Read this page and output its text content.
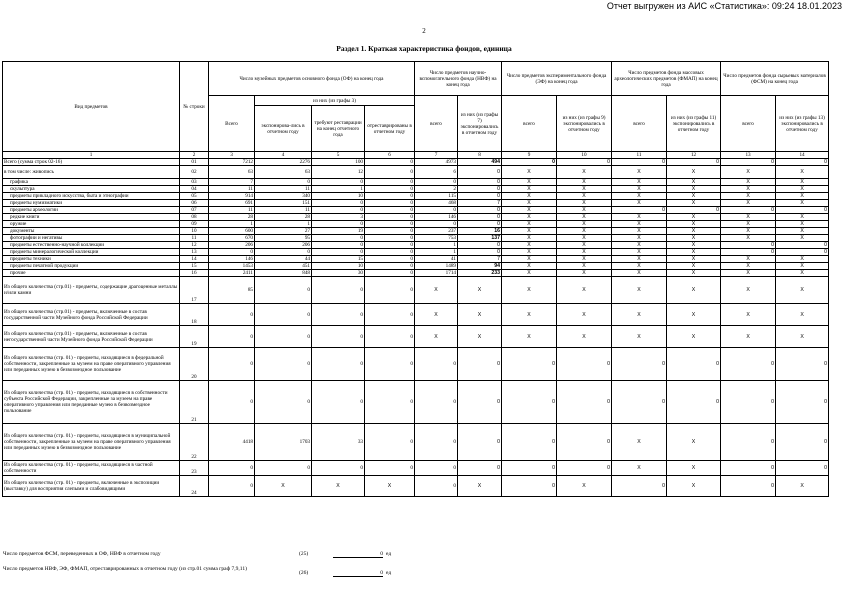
Отчет выгружен из АИС «Статистика»: 09:24 18.01.2023
2
Раздел 1. Краткая характеристика фондов, единица
Вид предметов	№ строки	Число музейных предметов основного фонда (ОФ) на конец года				Число предметов научно-вспомогательного фонда (НВФ) на конец года		Число предметов экспериментального фонда (ЭФ) на конец года		Число предметов фонда массовых археологических предметов (ФМАП) на конец года		Число предметов фонда сырьевых материалов (ФСМ) на конец года	
		Всего	из них (из графы 3)			всего	из них (из графы 7) экспонировались в отчетном году	всего	из них (из графы 9) экспонировались в отчетном году	всего	из них (из графы 11) экспонировались в отчетном году	всего	из них (из графы 13) экспонировались в отчетном году
			экспонирова-лись в отчетном году	требуют реставрации на конец отчетного года	отреставрированы в отчетном году								
1	2	3	4	5	6	7	8	9	10	11	12	13	14
Всего (сумма строк 02-16)	01	7212	2276	100	0	4973	494	0	0	0	0	0	0
в том числе: живопись	02	63	63	12	0	6	0	X	X	X	X	X	X
графика	03	7	0	0	0	0	0	X	X	X	X	X	X
скульптура	04	11	11	1	0	2	0	X	X	X	X	X	X
предметы прикладного искусства, быта и этнографии	05	914	340	10	0	115	0	X	X	X	X	X	X
предметы нумизматики	06	691	151	0	0	468	7	X	X	X	X	X	X
предметы археологии	07	11	11	0	0	0	0	X	X	0	0	0	0
редкие книги	08	28	28	3	0	146	0	X	X	X	X	X	X
оружие	09	1	1	0	0	0	0	X	X	X	X	X	X
документы	10	600	27	19	0	237	16	X	X	X	X	X	X
фотографии и негативы	11	670	95	0	0	753	137	X	X	X	X	X	X
предметы естественно-научной коллекции	12	206	206	0	0	1	0	X	X	X	X	0	0
предметы минералогической коллекции	13	0	0	0	0	1	0	X	X	X	X	0	0
предметы техники	14	146	44	15	0	41	7	X	X	X	X	X	X
предметы печатной продукции	15	1453	451	10	0	1489	94	X	X	X	X	X	X
прочие	16	2411	848	30	0	1714	233	X	X	X	X	X	X
Из общего количества (стр.01) - предметы, содержащие драгоценные металлы и/или камни	17	85	0	0	0	X	X	X	X	X	X	X	X
Из общего количества (стр.01) - предметы, включенные в состав государственной части Музейного фонда Российской Федерации	18	0	0	0	0	X	X	X	X	X	X	X	X
Из общего количества (стр.01) - предметы, включенные в состав негосударственной части Музейного фонда Российской Федерации	19	0	0	0	0	X	X	X	X	X	X	X	X
Из общего количества (стр. 01) - предметы, находящиеся в федеральной собственности, закрепленные за музеем на праве оперативного управления или переданных музею в безвозмездное пользование	20	0	0	0	0	0	0	0	0	0	0	0	0
Из общего количества (стр. 01) - предметы, находящиеся в собственности субъекта Российской Федерации, закрепленные за музеем на праве оперативного управления или переданные музею в безвозмездное пользование	21	0	0	0	0	0	0	0	0	0	0	0	0
Из общего количества (стр. 01) - предметы, находящиеся в муниципальной собственности, закрепленные за музеем на праве оперативного управления или переданных музею в безвозмездное пользование	22	4418	1703	33	0	0	0	0	0	X	X	0	0
Из общего количества (стр. 01) - предметы, находящиеся в частной собственности	23	0	0	0	0	0	0	0	0	X	X	0	0
Из общего количества (стр. 01) - предметы, включенные в экспозиции (выставку) для восприятия слепыми и слабовидящими	24	0	X	X	X	0	X	0	X	0	X	0	X
Число предметов ФСМ, переведенных в ОФ, НВФ в отчетном году	(25)	0 ед
Число предметов НВФ, ЭФ, ФМАП, отреставрированных в отчетном году (из стр.01 сумма граф 7,9,11)
(26)	0 ед
